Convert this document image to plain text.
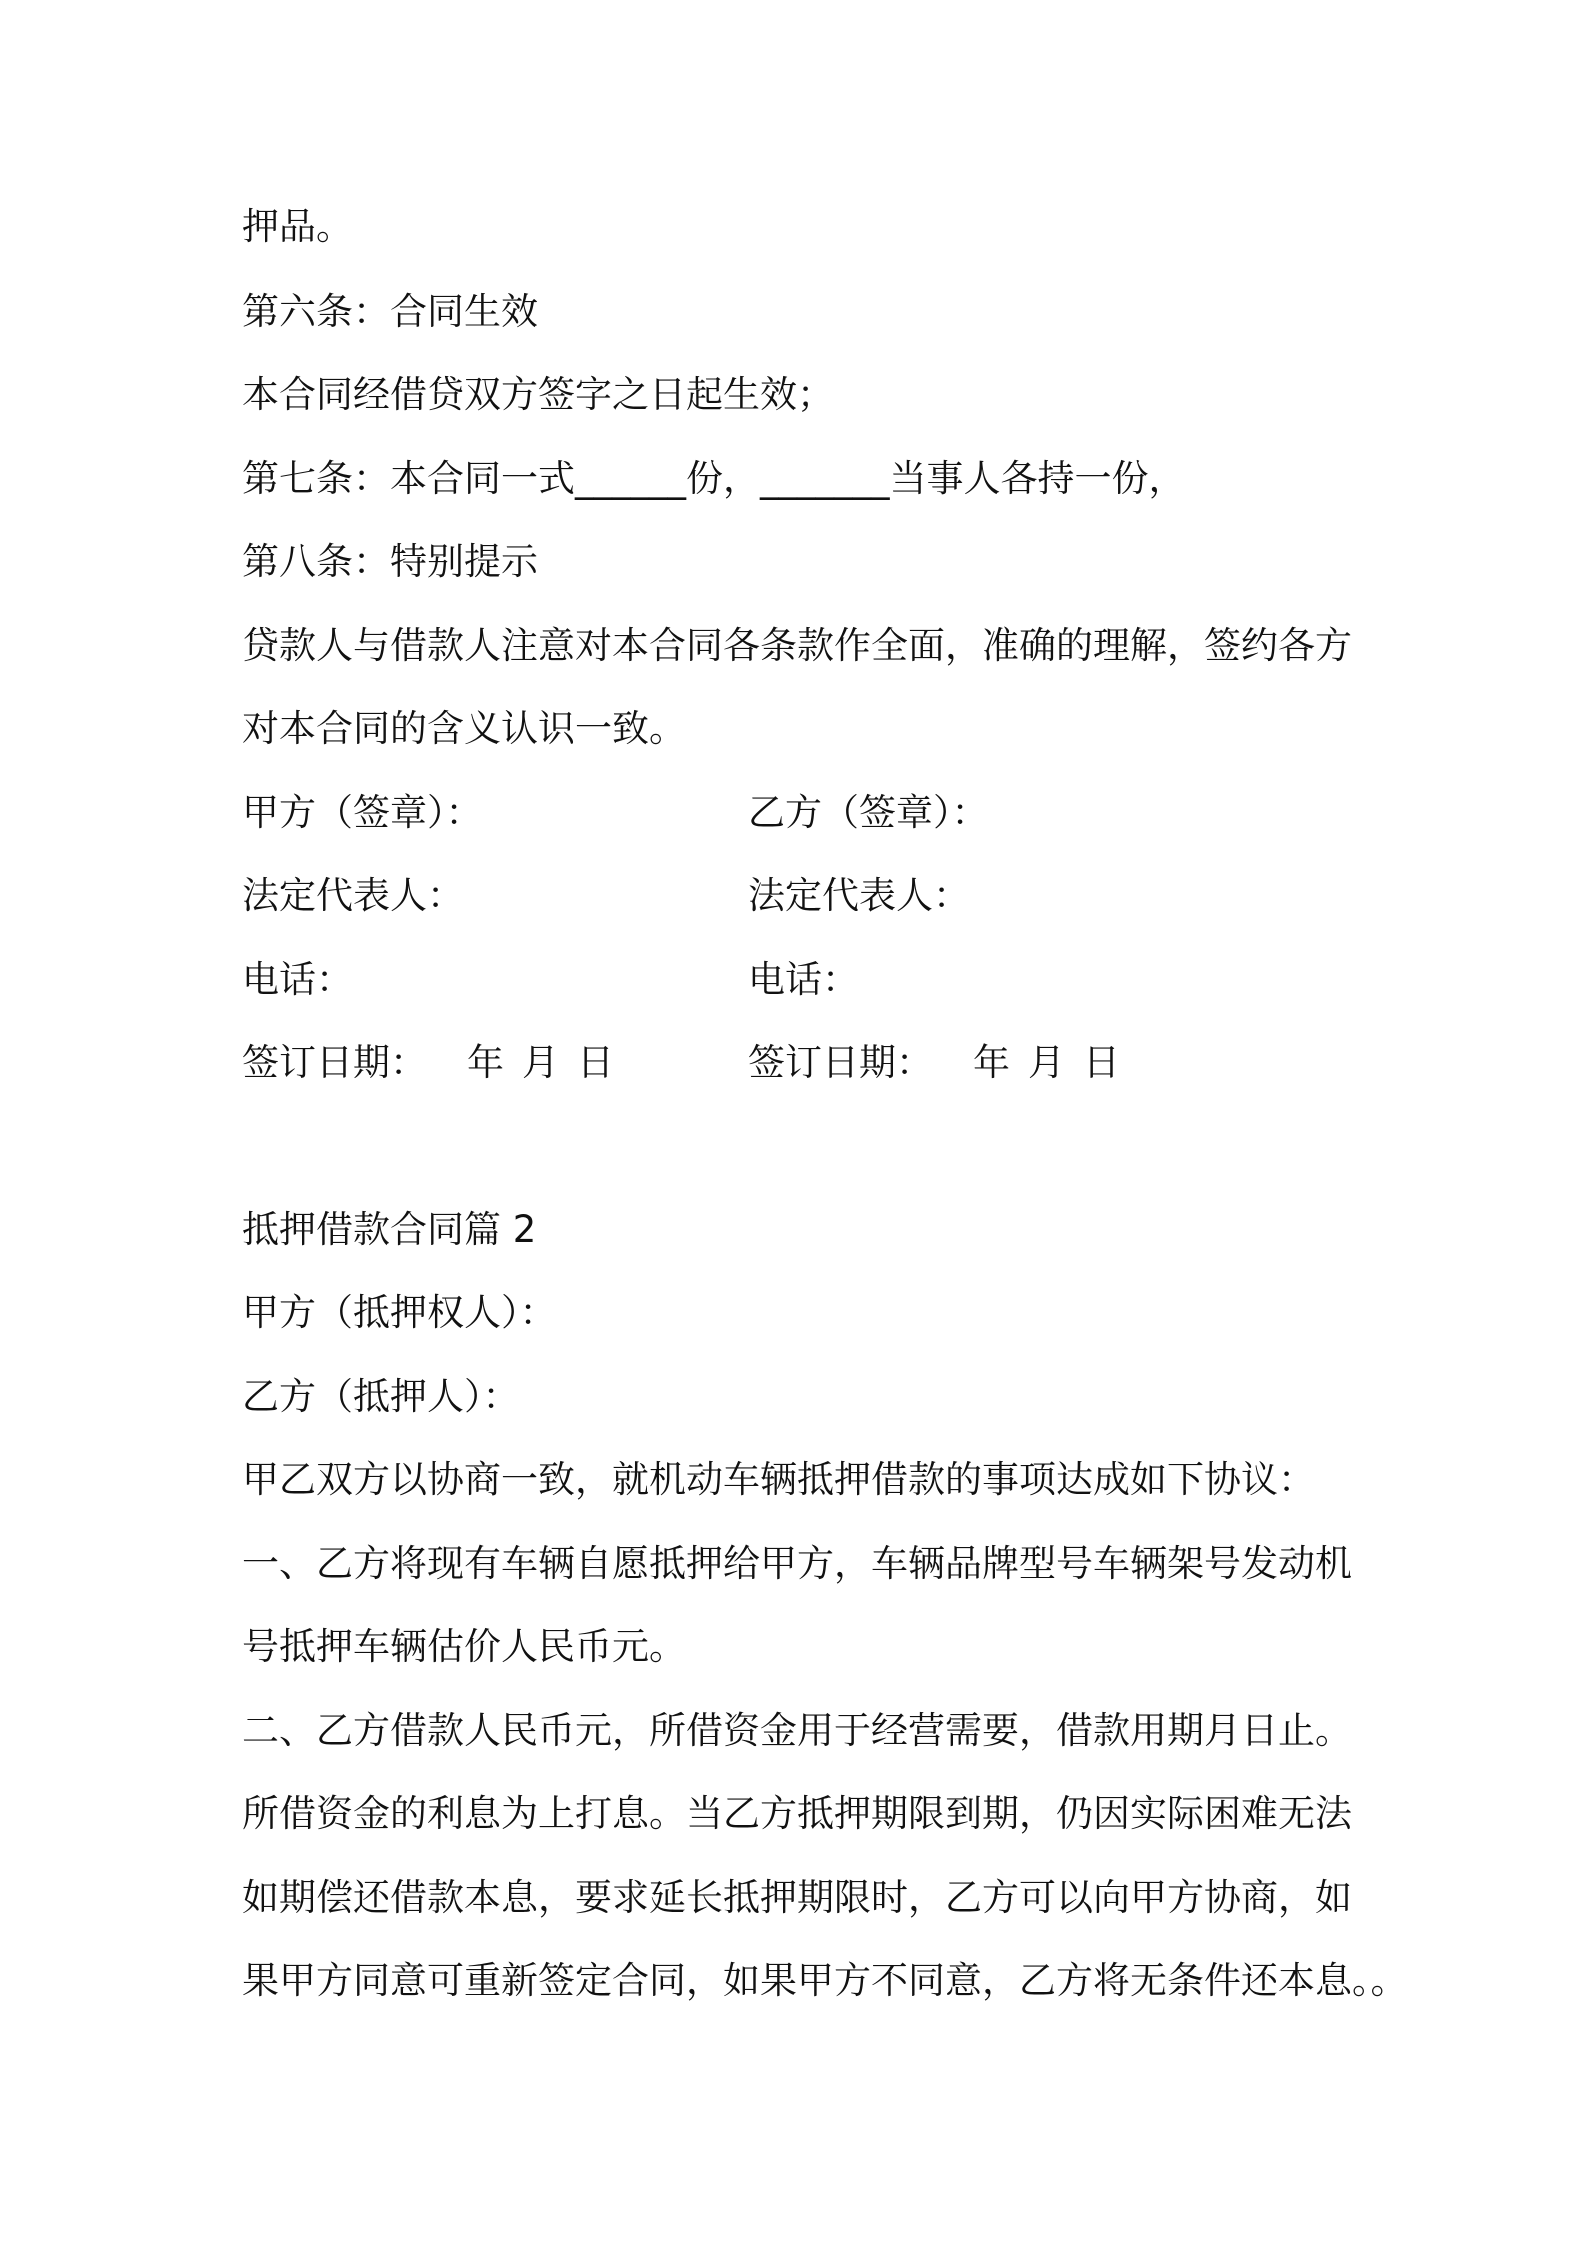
押品。
第六条：合同生效
本合同经借贷双方签字之日起生效；
第七条：本合同一式______份，_______当事人各持一份，
第八条：特别提示
贷款人与借款人注意对本合同各条款作全面，准确的理解，签约各方
对本合同的含义认识一致。
甲方（签章）：	乙方（签章）：
法定代表人：	法定代表人：
电话：	电话：
签订日期： 年 月 日	签订日期： 年 月 日
抵押借款合同篇 2
甲方（抵押权人）：
乙方（抵押人）：
甲乙双方以协商一致，就机动车辆抵押借款的事项达成如下协议：
一、乙方将现有车辆自愿抵押给甲方，车辆品牌型号车辆架号发动机
号抵押车辆估价人民币元。
二、乙方借款人民币元，所借资金用于经营需要，借款用期月日止。
所借资金的利息为上打息。当乙方抵押期限到期，仍因实际困难无法
如期偿还借款本息，要求延长抵押期限时，乙方可以向甲方协商，如
果甲方同意可重新签定合同，如果甲方不同意，乙方将无条件还本息。。
